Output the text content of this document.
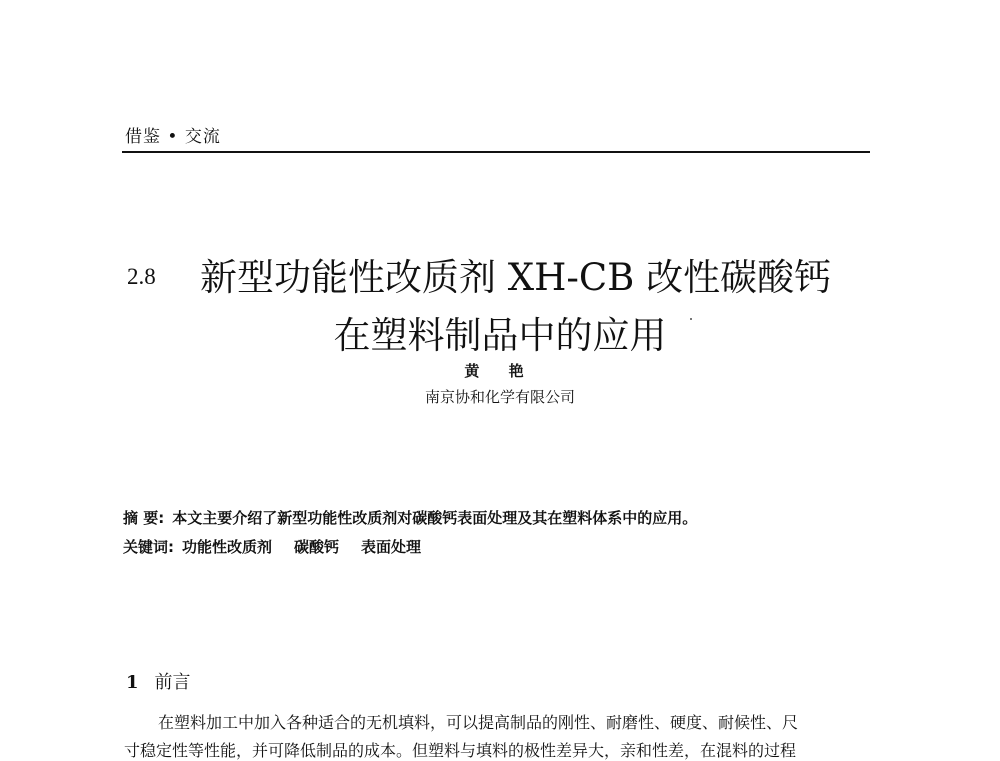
借鉴 • 交流
2.8 新型功能性改质剂 XH-CB 改性碳酸钙
在塑料制品中的应用
黄 艳
南京协和化学有限公司
摘 要: 本文主要介绍了新型功能性改质剂对碳酸钙表面处理及其在塑料体系中的应用。
关键词: 功能性改质剂 碳酸钙 表面处理
1 前言
在塑料加工中加入各种适合的无机填料，可以提高制品的刚性、耐磨性、硬度、耐候性、尺
寸稳定性等性能，并可降低制品的成本。但塑料与填料的极性差异大，亲和性差，在混料的过程
